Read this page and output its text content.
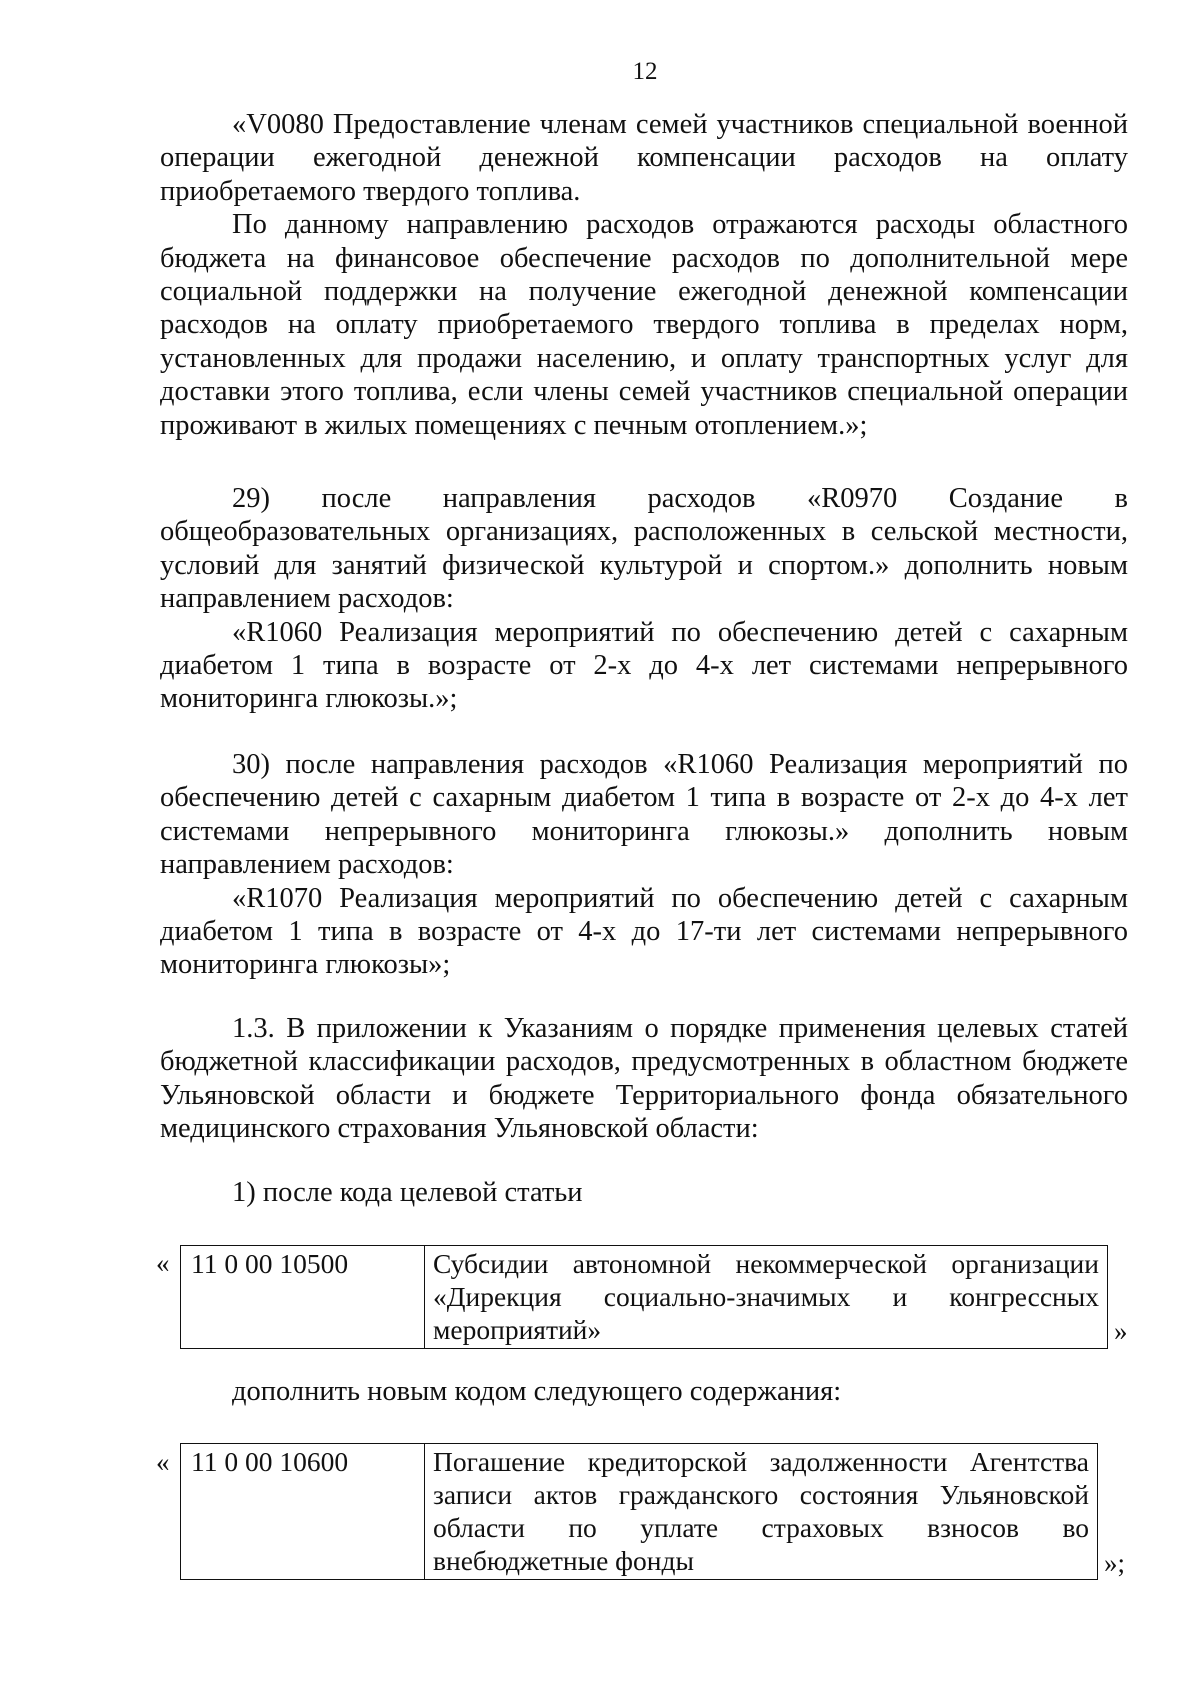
12

«V0080 Предоставление членам семей участников специальной военной операции ежегодной денежной компенсации расходов на оплату приобретаемого твердого топлива.

По данному направлению расходов отражаются расходы областного бюджета на финансовое обеспечение расходов по дополнительной мере социальной поддержки на получение ежегодной денежной компенсации расходов на оплату приобретаемого твердого топлива в пределах норм, установленных для продажи населению, и оплату транспортных услуг для доставки этого топлива, если члены семей участников специальной операции проживают в жилых помещениях с печным отоплением.»;

29) после направления расходов «R0970 Создание в общеобразовательных организациях, расположенных в сельской местности, условий для занятий физической культурой и спортом.» дополнить новым направлением расходов:

«R1060 Реализация мероприятий по обеспечению детей с сахарным диабетом 1 типа в возрасте от 2-х до 4-х лет системами непрерывного мониторинга глюкозы.»;

30) после направления расходов «R1060 Реализация мероприятий по обеспечению детей с сахарным диабетом 1 типа в возрасте от 2-х до 4-х лет системами непрерывного мониторинга глюкозы.» дополнить новым направлением расходов:

«R1070 Реализация мероприятий по обеспечению детей с сахарным диабетом 1 типа в возрасте от 4-х до 17-ти лет системами непрерывного мониторинга глюкозы»;

1.3. В приложении к Указаниям о порядке применения целевых статей бюджетной классификации расходов, предусмотренных в областном бюджете Ульяновской области и бюджете Территориального фонда обязательного медицинского страхования Ульяновской области:

1) после кода целевой статьи

« 11 0 00 10500	Субсидии автономной некоммерческой организации
«Дирекция социально-значимых и конгрессных
мероприятий»	»

дополнить новым кодом следующего содержания:

« 11 0 00 10600	Погашение кредиторской задолженности Агентства
записи актов гражданского состояния Ульяновской
области по уплате страховых взносов во
внебюджетные фонды	»;
